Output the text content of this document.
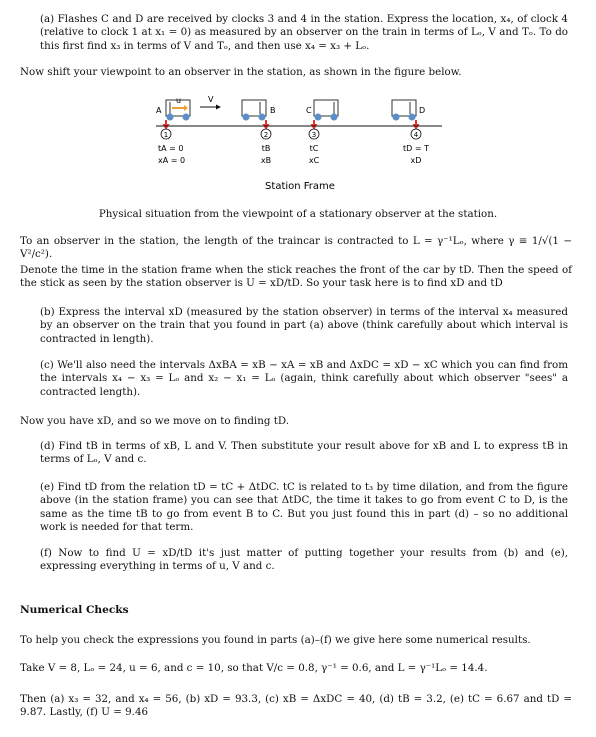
(a) Flashes C and D are received by clocks 3 and 4 in the station. Express the location, x₄, of clock 4 (relative to clock 1 at x₁ = 0) as measured by an observer on the train in terms of Lₒ, V and Tₒ. To do this first find x₃ in terms of V and Tₒ, and then use x₄ = x₃ + Lₒ.

Now shift your viewpoint to an observer in the station, as shown in the figure below.

u
A
V
B	C	D
1	2	3	4
tA = 0
xA = 0
tB
xB
tC
xC
tD = T
xD
Station Frame
Physical situation from the viewpoint of a stationary observer at the station.

To an observer in the station, the length of the traincar is contracted to L = γ⁻¹Lₒ, where γ ≡ 1/√(1 − V²/c²).

Denote the time in the station frame when the stick reaches the front of the car by tD. Then the speed of the stick as seen by the station observer is U = xD/tD. So your task here is to find xD and tD

(b) Express the interval xD (measured by the station observer) in terms of the interval x₄ measured by an observer on the train that you found in part (a) above (think carefully about which interval is contracted in length).

(c) We'll also need the intervals ΔxBA = xB − xA = xB and ΔxDC = xD − xC which you can find from the intervals x₄ − x₃ = Lₒ and x₂ − x₁ = Lₒ (again, think carefully about which observer "sees" a contracted length).

Now you have xD, and so we move on to finding tD.

(d) Find tB in terms of xB, L and V. Then substitute your result above for xB and L to express tB in terms of Lₒ, V and c.

(e) Find tD from the relation tD = tC + ΔtDC. tC is related to t₃ by time dilation, and from the figure above (in the station frame) you can see that ΔtDC, the time it takes to go from event C to D, is the same as the time tB to go from event B to C. But you just found this in part (d) – so no additional work is needed for that term.

(f) Now to find U = xD/tD it's just matter of putting together your results from (b) and (e), expressing everything in terms of u, V and c.

Numerical Checks

To help you check the expressions you found in parts (a)–(f) we give here some numerical results.

Take V = 8, Lₒ = 24, u = 6, and c = 10, so that V/c = 0.8, γ⁻¹ = 0.6, and L = γ⁻¹Lₒ = 14.4.

Then (a) x₃ = 32, and x₄ = 56, (b) xD = 93.3, (c) xB = ΔxDC = 40, (d) tB = 3.2, (e) tC = 6.67 and tD = 9.87. Lastly, (f) U = 9.46
